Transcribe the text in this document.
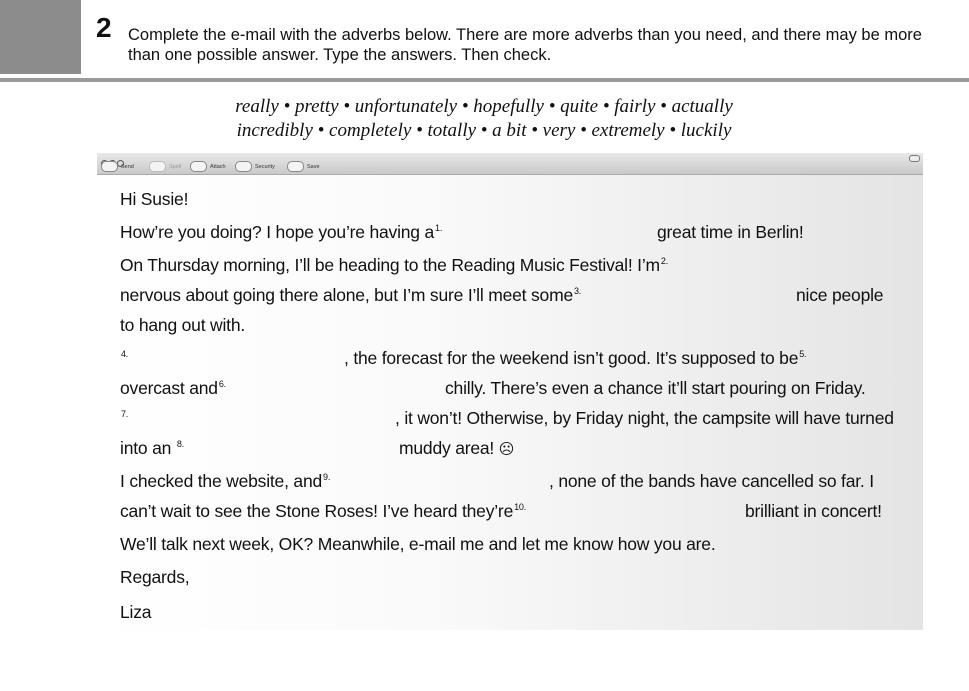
2 Complete the e-mail with the adverbs below. There are more adverbs than you need, and there may be more than one possible answer. Type the answers. Then check.
really • pretty • unfortunately • hopefully • quite • fairly • actually
incredibly • completely • totally • a bit • very • extremely • luckily
Send	Spell	Attach	Security	Save
Hi Susie!
How’re you doing? I hope you’re having $a^{1.}$	great time in Berlin!
On Thursday morning, I’ll be heading to the Reading Music Festival! $I’m^{2.}$
nervous about going there alone, but I’m sure I’ll meet some$^{3.}$	nice people
to hang out with.
$^{4.}$	, the forecast for the weekend isn’t good. It’s supposed to $be^{5.}$
overcast and$^{6.}$	chilly. There’s even a chance it’ll start pouring on Friday.
$^{7.}$	, it won’t! Otherwise, by Friday night, the campsite will have turned
into an $^{8.}$	muddy area! ☹
I checked the website, and$^{9.}$	, none of the bands have cancelled so far. I
can’t wait to see the Stone Roses! I’ve heard $they’re^{10.}$	brilliant in concert!
We’ll talk next week, OK? Meanwhile, e-mail me and let me know how you are.
Regards,
Liza
